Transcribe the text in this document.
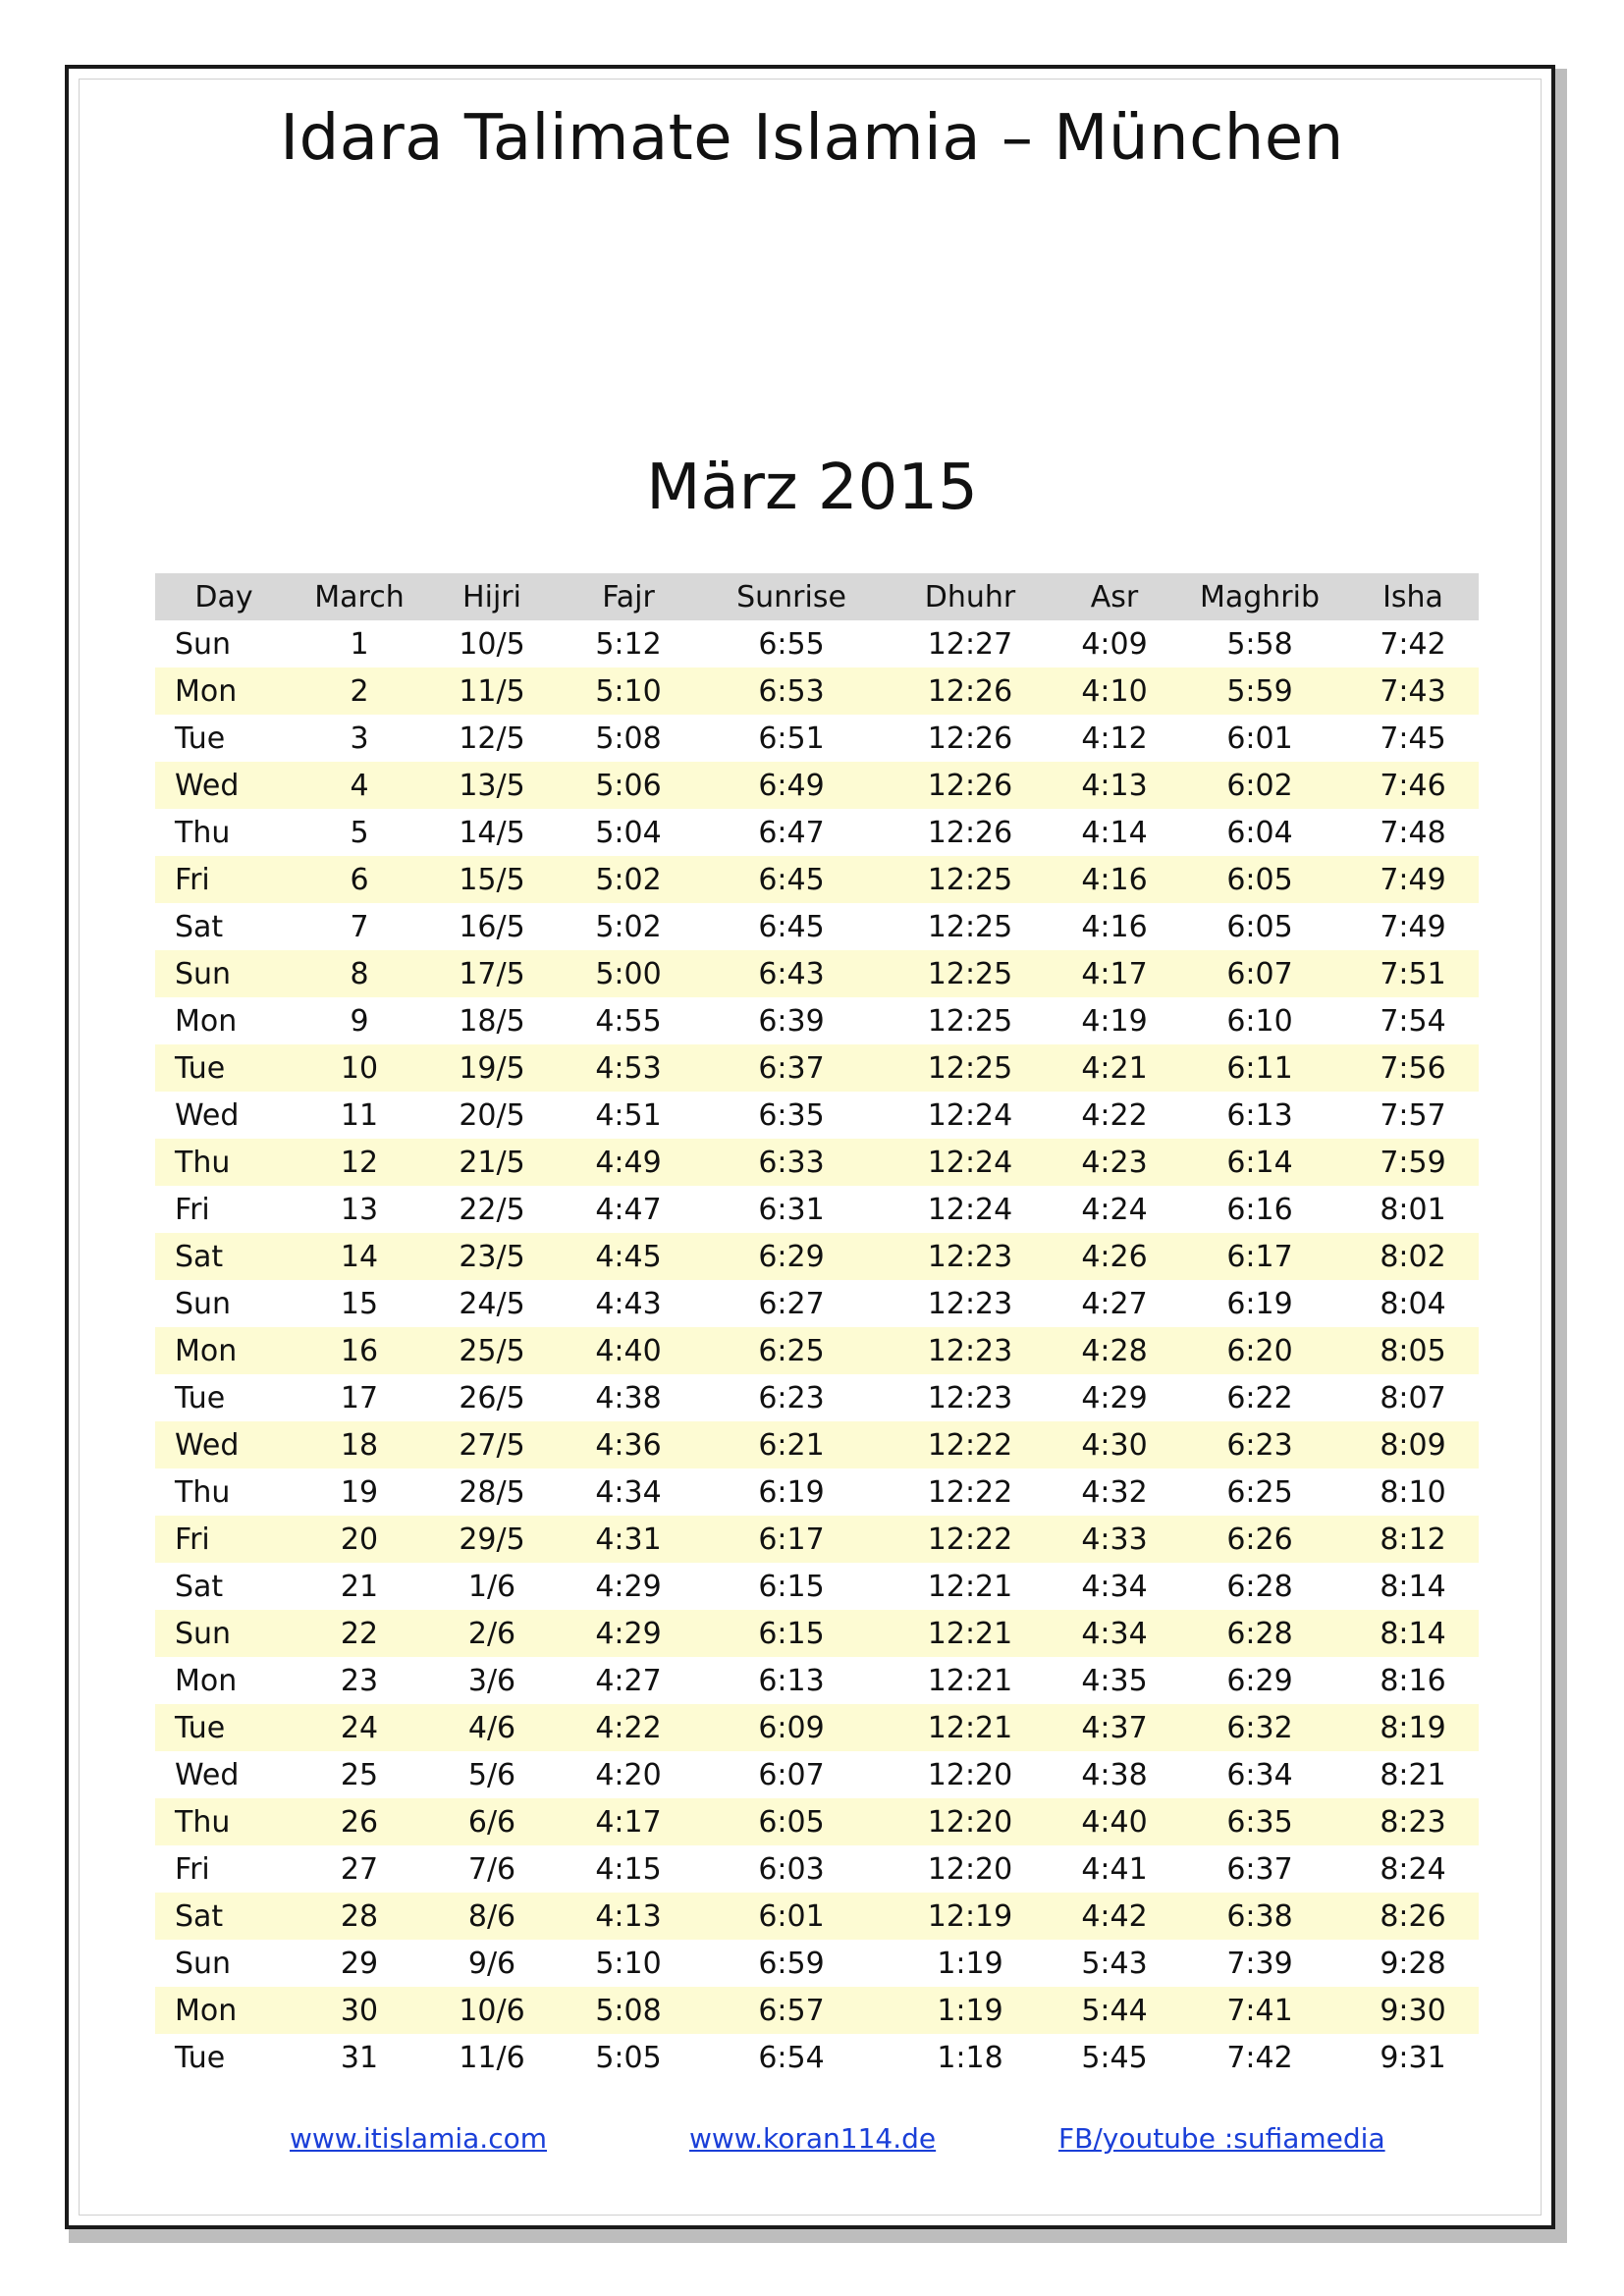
Idara Talimate Islamia – München
März 2015
Day	March	Hijri	Fajr	Sunrise	Dhuhr	Asr	Maghrib	Isha
Sun	1	10/5	5:12	6:55	12:27	4:09	5:58	7:42
Mon	2	11/5	5:10	6:53	12:26	4:10	5:59	7:43
Tue	3	12/5	5:08	6:51	12:26	4:12	6:01	7:45
Wed	4	13/5	5:06	6:49	12:26	4:13	6:02	7:46
Thu	5	14/5	5:04	6:47	12:26	4:14	6:04	7:48
Fri	6	15/5	5:02	6:45	12:25	4:16	6:05	7:49
Sat	7	16/5	5:02	6:45	12:25	4:16	6:05	7:49
Sun	8	17/5	5:00	6:43	12:25	4:17	6:07	7:51
Mon	9	18/5	4:55	6:39	12:25	4:19	6:10	7:54
Tue	10	19/5	4:53	6:37	12:25	4:21	6:11	7:56
Wed	11	20/5	4:51	6:35	12:24	4:22	6:13	7:57
Thu	12	21/5	4:49	6:33	12:24	4:23	6:14	7:59
Fri	13	22/5	4:47	6:31	12:24	4:24	6:16	8:01
Sat	14	23/5	4:45	6:29	12:23	4:26	6:17	8:02
Sun	15	24/5	4:43	6:27	12:23	4:27	6:19	8:04
Mon	16	25/5	4:40	6:25	12:23	4:28	6:20	8:05
Tue	17	26/5	4:38	6:23	12:23	4:29	6:22	8:07
Wed	18	27/5	4:36	6:21	12:22	4:30	6:23	8:09
Thu	19	28/5	4:34	6:19	12:22	4:32	6:25	8:10
Fri	20	29/5	4:31	6:17	12:22	4:33	6:26	8:12
Sat	21	1/6	4:29	6:15	12:21	4:34	6:28	8:14
Sun	22	2/6	4:29	6:15	12:21	4:34	6:28	8:14
Mon	23	3/6	4:27	6:13	12:21	4:35	6:29	8:16
Tue	24	4/6	4:22	6:09	12:21	4:37	6:32	8:19
Wed	25	5/6	4:20	6:07	12:20	4:38	6:34	8:21
Thu	26	6/6	4:17	6:05	12:20	4:40	6:35	8:23
Fri	27	7/6	4:15	6:03	12:20	4:41	6:37	8:24
Sat	28	8/6	4:13	6:01	12:19	4:42	6:38	8:26
Sun	29	9/6	5:10	6:59	1:19	5:43	7:39	9:28
Mon	30	10/6	5:08	6:57	1:19	5:44	7:41	9:30
Tue	31	11/6	5:05	6:54	1:18	5:45	7:42	9:31
www.itislamia.com	www.koran114.de	FB/youtube :sufiamedia
